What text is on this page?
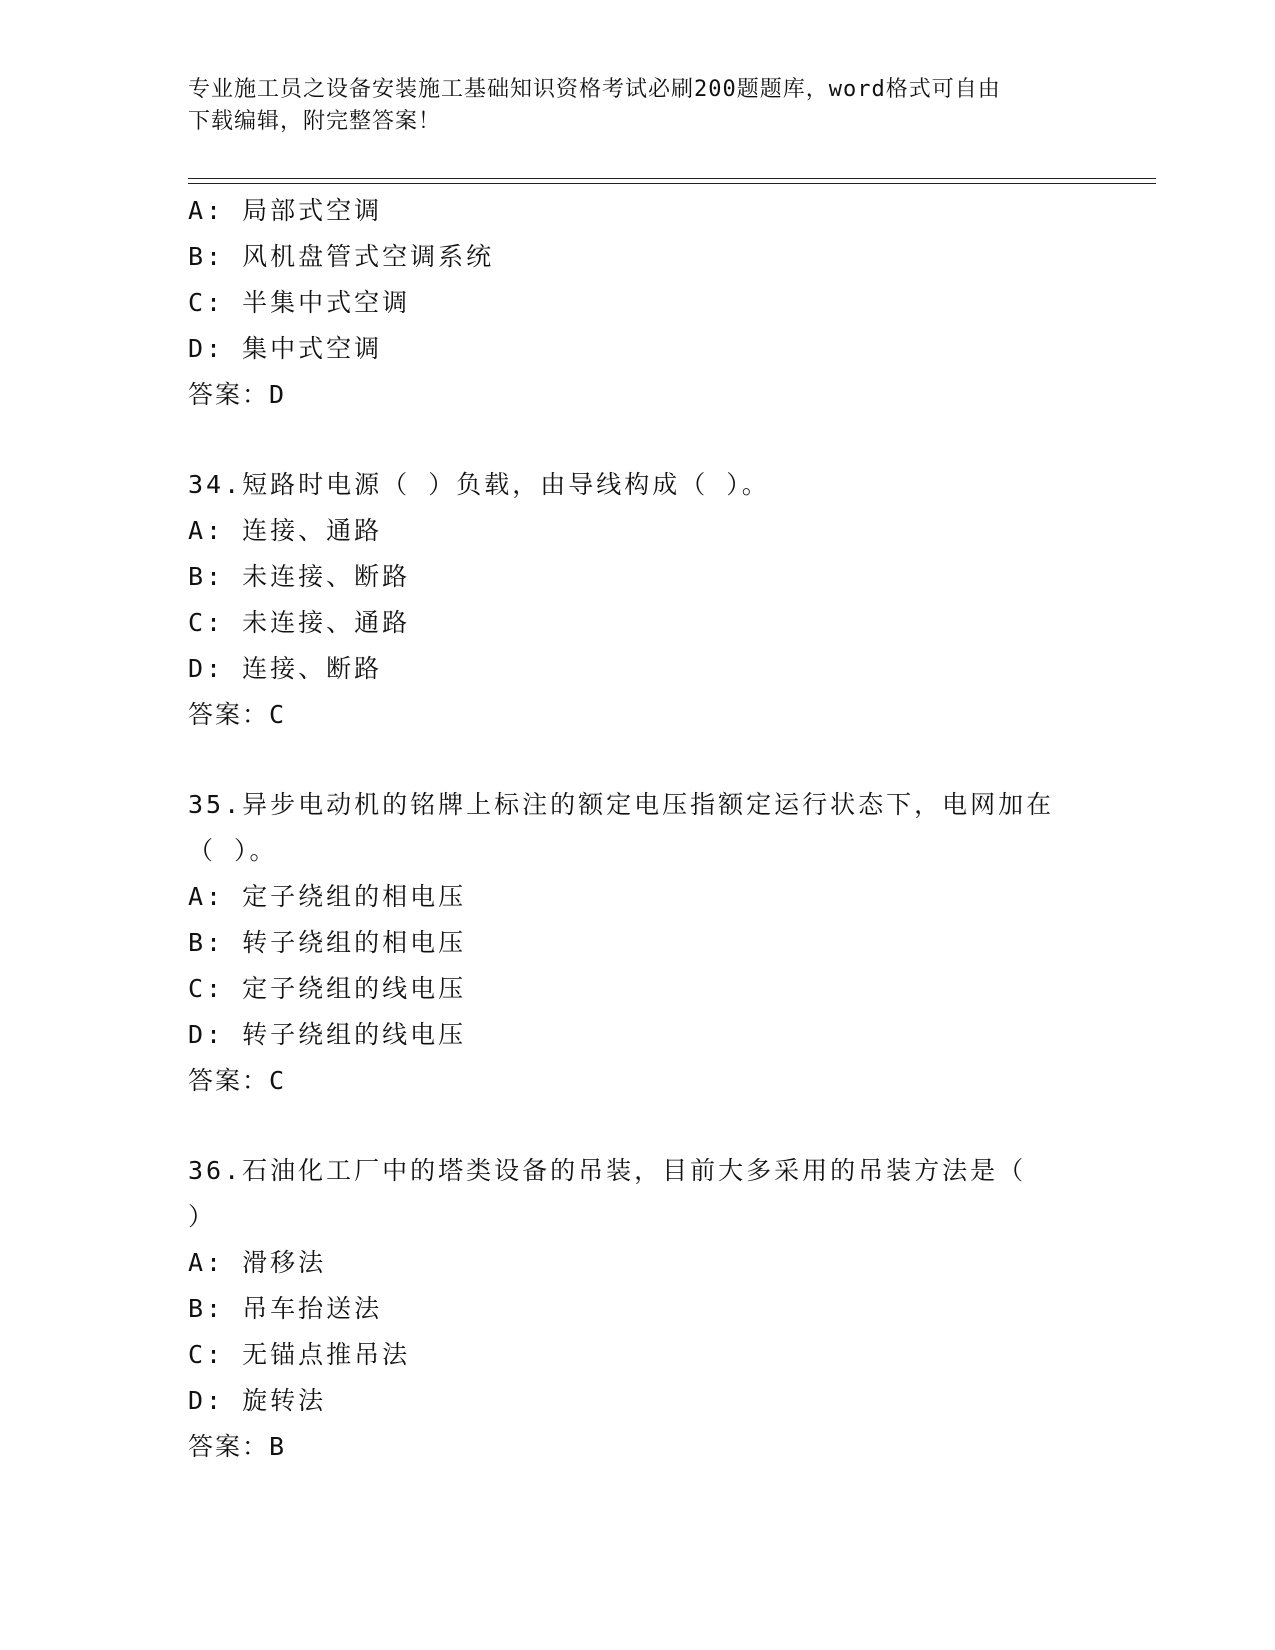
专业施工员之设备安装施工基础知识资格考试必刷200题题库，word格式可自由
下载编辑，附完整答案！
A: 局部式空调
B: 风机盘管式空调系统
C: 半集中式空调
D: 集中式空调
答案：D
34.短路时电源（ ）负载，由导线构成（ ）。
A: 连接、通路
B: 未连接、断路
C: 未连接、通路
D: 连接、断路
答案：C
35.异步电动机的铭牌上标注的额定电压指额定运行状态下，电网加在
（ ）。
A: 定子绕组的相电压
B: 转子绕组的相电压
C: 定子绕组的线电压
D: 转子绕组的线电压
答案：C
36.石油化工厂中的塔类设备的吊装，目前大多采用的吊装方法是（
）
A: 滑移法
B: 吊车抬送法
C: 无锚点推吊法
D: 旋转法
答案：B
